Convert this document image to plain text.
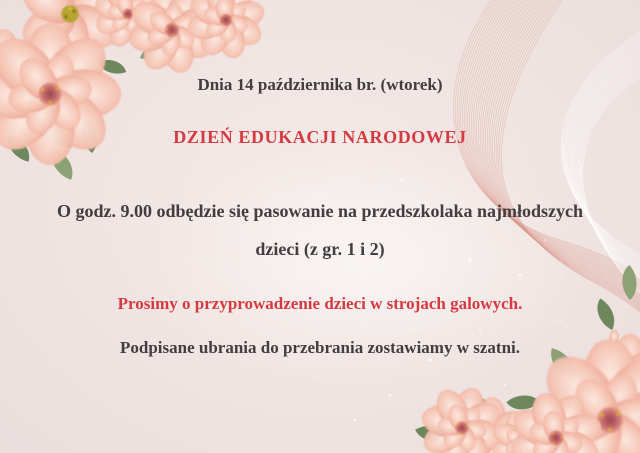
Dnia 14 października br. (wtorek)
DZIEŃ EDUKACJI NARODOWEJ
O godz. 9.00 odbędzie się pasowanie na przedszkolaka najmłodszych
dzieci (z gr. 1 i 2)
Prosimy o przyprowadzenie dzieci w strojach galowych.
Podpisane ubrania do przebrania zostawiamy w szatni.
